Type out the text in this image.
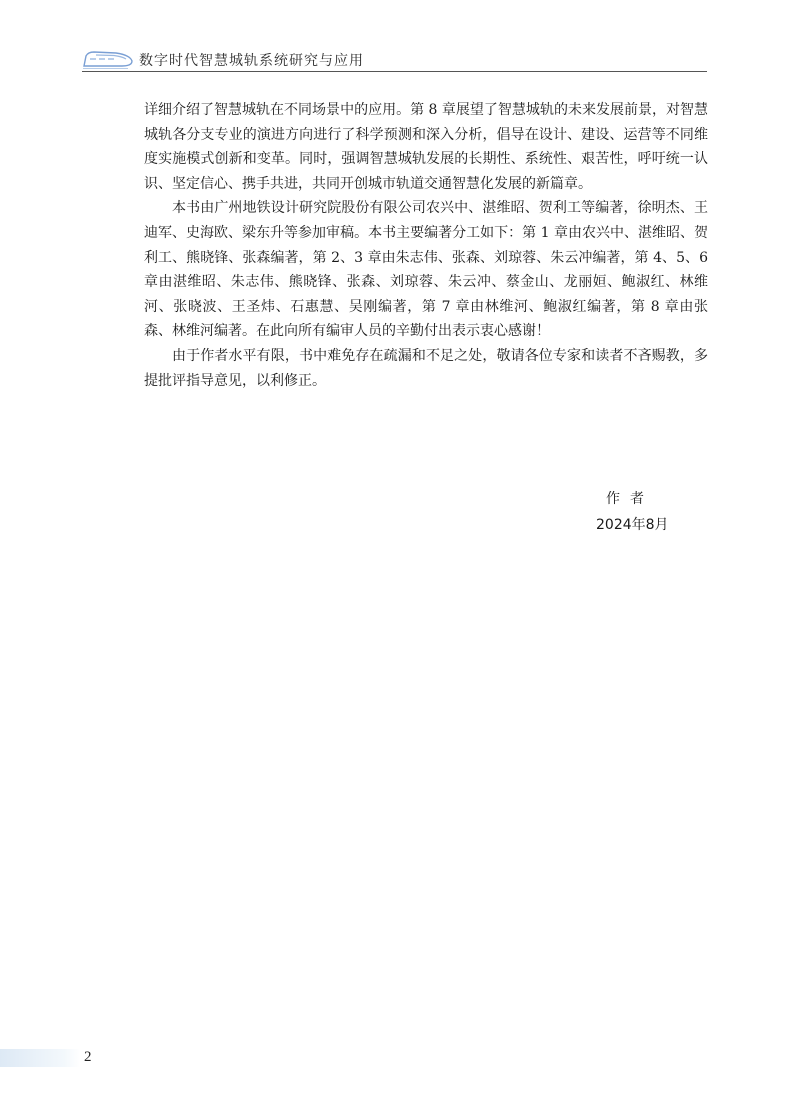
数字时代智慧城轨系统研究与应用

详细介绍了智慧城轨在不同场景中的应用。第 8 章展望了智慧城轨的未来发展前景，对智慧城轨各分支专业的演进方向进行了科学预测和深入分析，倡导在设计、建设、运营等不同维度实施模式创新和变革。同时，强调智慧城轨发展的长期性、系统性、艰苦性，呼吁统一认识、坚定信心、携手共进，共同开创城市轨道交通智慧化发展的新篇章。

本书由广州地铁设计研究院股份有限公司农兴中、湛维昭、贺利工等编著，徐明杰、王迪军、史海欧、梁东升等参加审稿。本书主要编著分工如下：第 1 章由农兴中、湛维昭、贺利工、熊晓锋、张森编著，第 2、3 章由朱志伟、张森、刘琼蓉、朱云冲编著，第 4、5、6 章由湛维昭、朱志伟、熊晓锋、张森、刘琼蓉、朱云冲、蔡金山、龙丽姮、鲍淑红、林维河、张晓波、王圣炜、石惠慧、吴刚编著，第 7 章由林维河、鲍淑红编著，第 8 章由张森、林维河编著。在此向所有编审人员的辛勤付出表示衷心感谢！

由于作者水平有限，书中难免存在疏漏和不足之处，敬请各位专家和读者不吝赐教，多提批评指导意见，以利修正。

作者
2024年8月
2
